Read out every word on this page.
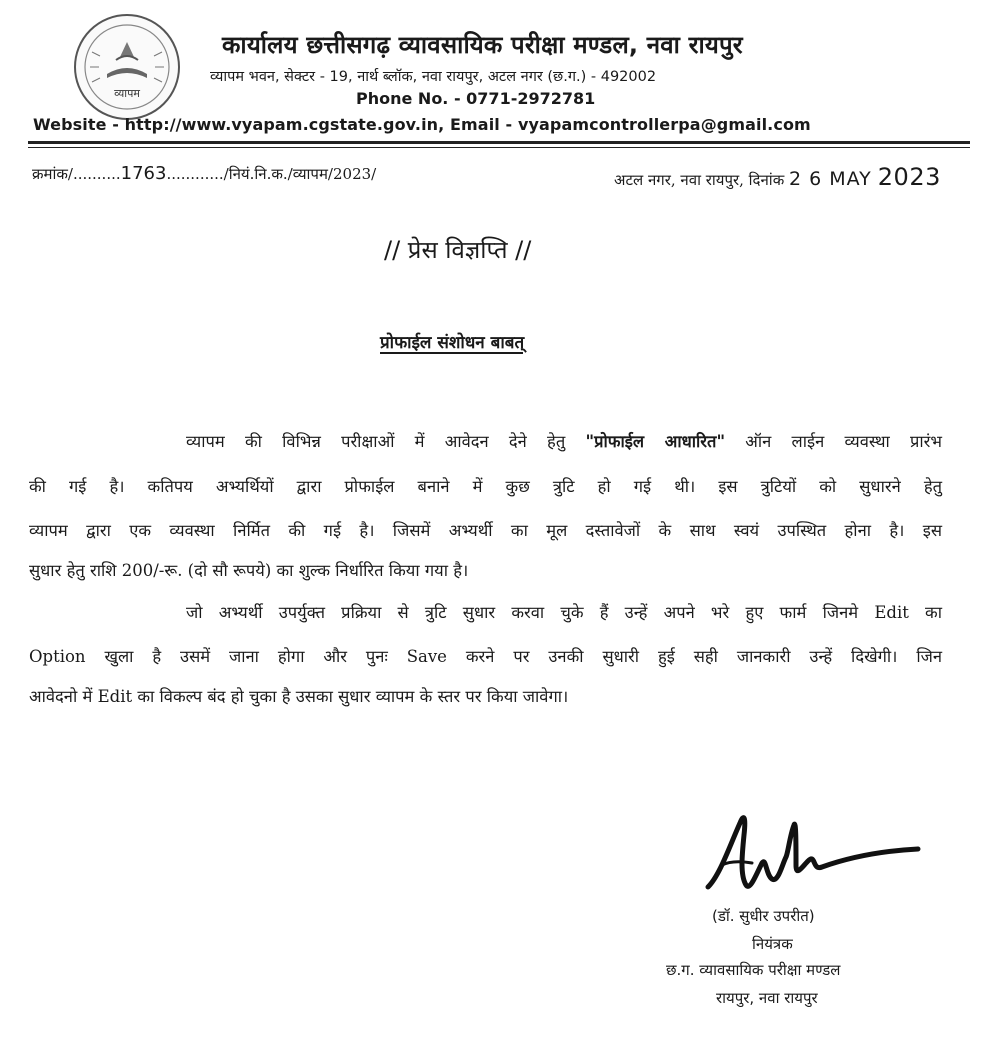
व्यापम
कार्यालय छत्तीसगढ़ व्यावसायिक परीक्षा मण्डल, नवा रायपुर
व्यापम भवन, सेक्टर - 19, नार्थ ब्लॉक, नवा रायपुर, अटल नगर (छ.ग.) - 492002
Phone No. - 0771-2972781
Website - http://www.vyapam.cgstate.gov.in, Email - vyapamcontrollerpa@gmail.com
क्रमांक/..........1763............/नियं.नि.क./व्यापम/2023/	अटल नगर, नवा रायपुर, दिनांक 2 6 MAY 2023
// प्रेस विज्ञप्ति //
प्रोफाईल संशोधन बाबत्
व्यापम की विभिन्न परीक्षाओं में आवेदन देने हेतु "प्रोफाईल आधारित" ऑन लाईन व्यवस्था प्रारंभ
की गई है। कतिपय अभ्यर्थियों द्वारा प्रोफाईल बनाने में कुछ त्रुटि हो गई थी। इस त्रुटियों को सुधारने हेतु
व्यापम द्वारा एक व्यवस्था निर्मित की गई है। जिसमें अभ्यर्थी का मूल दस्तावेजों के साथ स्वयं उपस्थित होना है। इस
सुधार हेतु राशि 200/-रू. (दो सौ रूपये) का शुल्क निर्धारित किया गया है।
जो अभ्यर्थी उपर्युक्त प्रक्रिया से त्रुटि सुधार करवा चुके हैं उन्हें अपने भरे हुए फार्म जिनमे Edit का
Option खुला है उसमें जाना होगा और पुनः Save करने पर उनकी सुधारी हुई सही जानकारी उन्हें दिखेगी। जिन
आवेदनो में Edit का विकल्प बंद हो चुका है उसका सुधार व्यापम के स्तर पर किया जावेगा।
(डॉ. सुधीर उपरीत)
नियंत्रक
छ.ग. व्यावसायिक परीक्षा मण्डल
रायपुर, नवा रायपुर
